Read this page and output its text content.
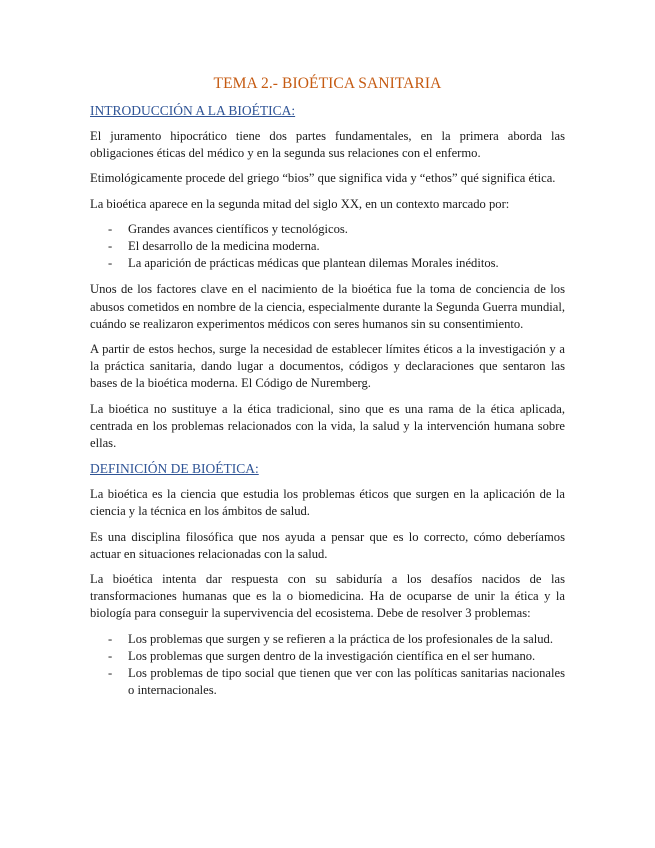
TEMA 2.- BIOÉTICA SANITARIA
INTRODUCCIÓN A LA BIOÉTICA:

El juramento hipocrático tiene dos partes fundamentales, en la primera aborda las obligaciones éticas del médico y en la segunda sus relaciones con el enfermo.

Etimológicamente procede del griego “bios” que significa vida y “ethos” qué significa ética.

La bioética aparece en la segunda mitad del siglo XX, en un contexto marcado por:

- Grandes avances científicos y tecnológicos.
- El desarrollo de la medicina moderna.
- La aparición de prácticas médicas que plantean dilemas Morales inéditos.

Unos de los factores clave en el nacimiento de la bioética fue la toma de conciencia de los abusos cometidos en nombre de la ciencia, especialmente durante la Segunda Guerra mundial, cuándo se realizaron experimentos médicos con seres humanos sin su consentimiento.

A partir de estos hechos, surge la necesidad de establecer límites éticos a la investigación y a la práctica sanitaria, dando lugar a documentos, códigos y declaraciones que sentaron las bases de la bioética moderna. El Código de Nuremberg.

La bioética no sustituye a la ética tradicional, sino que es una rama de la ética aplicada, centrada en los problemas relacionados con la vida, la salud y la intervención humana sobre ellas.

DEFINICIÓN DE BIOÉTICA:

La bioética es la ciencia que estudia los problemas éticos que surgen en la aplicación de la ciencia y la técnica en los ámbitos de salud.

Es una disciplina filosófica que nos ayuda a pensar que es lo correcto, cómo deberíamos actuar en situaciones relacionadas con la salud.

La bioética intenta dar respuesta con su sabiduría a los desafíos nacidos de las transformaciones humanas que es la o biomedicina. Ha de ocuparse de unir la ética y la biología para conseguir la supervivencia del ecosistema. Debe de resolver 3 problemas:

- Los problemas que surgen y se refieren a la práctica de los profesionales de la salud.
- Los problemas que surgen dentro de la investigación científica en el ser humano.
- Los problemas de tipo social que tienen que ver con las políticas sanitarias nacionales o internacionales.
